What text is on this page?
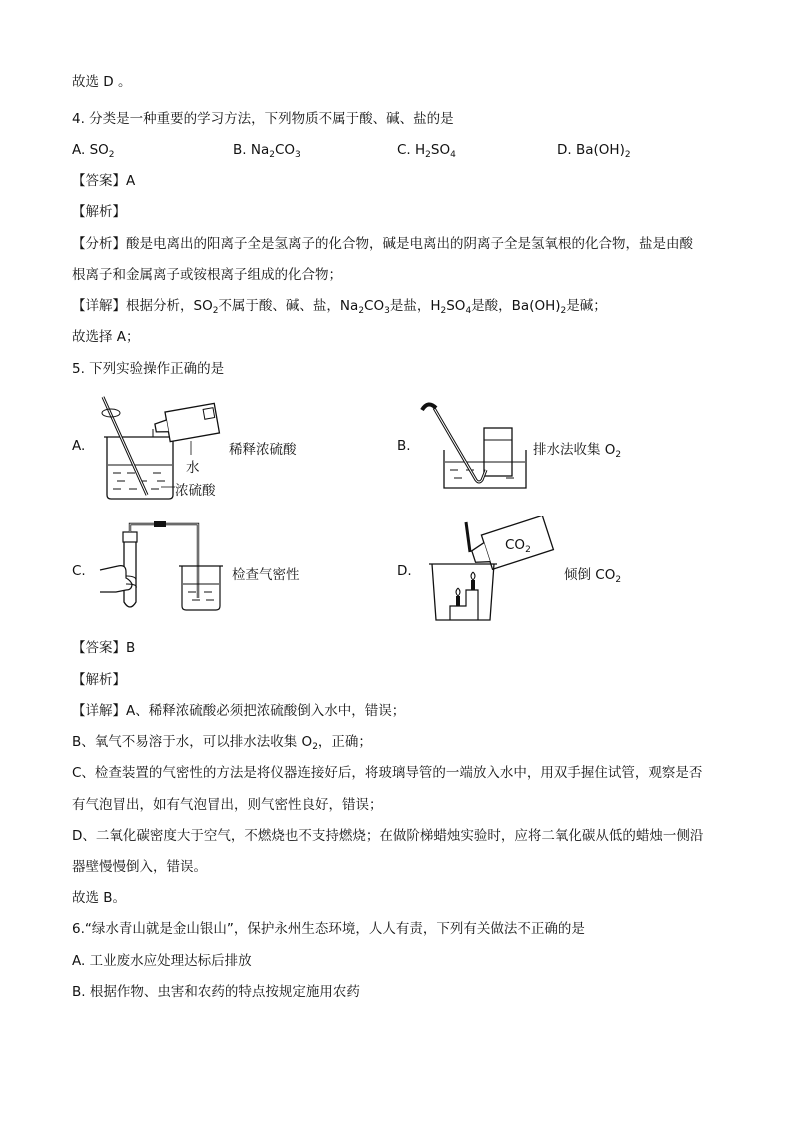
故选 D 。
4. 分类是一种重要的学习方法，下列物质不属于酸、碱、盐的是
A. $SO_2$	B. $Na_2CO_3$	C. $H_2SO_4$	D. $Ba(OH)_2$
【答案】A
【解析】
【分析】酸是电离出的阳离子全是氢离子的化合物，碱是电离出的阴离子全是氢氧根的化合物，盐是由酸
根离子和金属离子或铵根离子组成的化合物；
【详解】根据分析，$SO_2$不属于酸、碱、盐，$Na_2CO_3$是盐，$H_2SO_4$是酸，$Ba(OH)_2$是碱；
故选择 A；
5. 下列实验操作正确的是
A.
水
浓硫酸
稀释浓硫酸	B.	排水法收集 $O_2$
C.	检查气密性	D.
$CO_2$
倾倒 $CO_2$
【答案】B
【解析】
【详解】A、稀释浓硫酸必须把浓硫酸倒入水中，错误；
B、氧气不易溶于水，可以排水法收集 $O_2$，正确；
C、检查装置的气密性的方法是将仪器连接好后，将玻璃导管的一端放入水中，用双手握住试管，观察是否
有气泡冒出，如有气泡冒出，则气密性良好，错误；
D、二氧化碳密度大于空气，不燃烧也不支持燃烧；在做阶梯蜡烛实验时，应将二氧化碳从低的蜡烛一侧沿
器壁慢慢倒入，错误。
故选 B。
6.“绿水青山就是金山银山”，保护永州生态环境，人人有责，下列有关做法不正确的是
A. 工业废水应处理达标后排放
B. 根据作物、虫害和农药的特点按规定施用农药
